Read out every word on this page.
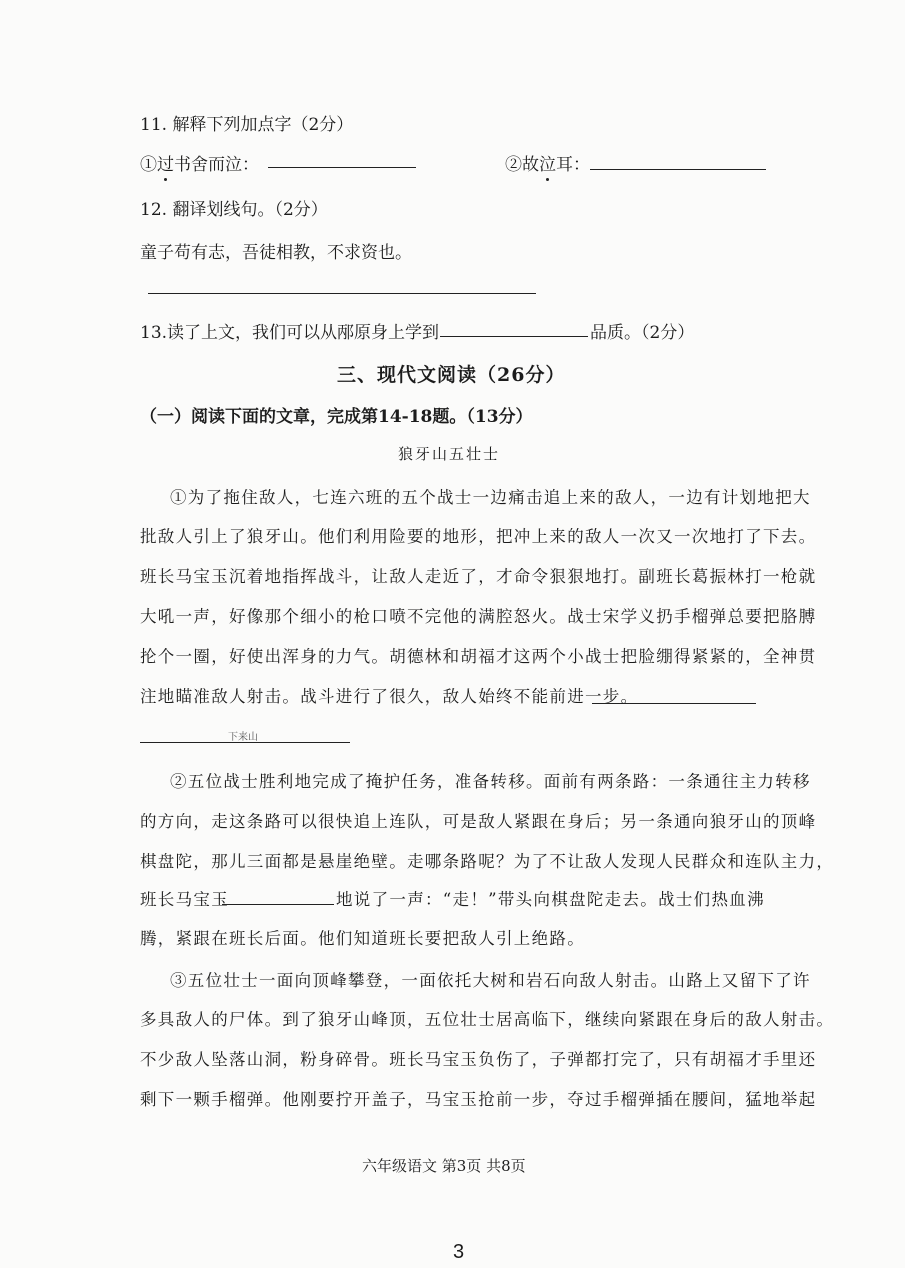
11. 解释下列加点字（2分）
①过书舍而泣：	②故泣耳：
12. 翻译划线句。（2分）
童子苟有志，吾徒相教，不求资也。
13.读了上文，我们可以从邴原身上学到	品质。（2分）
三、现代文阅读（26分）
（一）阅读下面的文章，完成第14-18题。（13分）
狼牙山五壮士
①为了拖住敌人，七连六班的五个战士一边痛击追上来的敌人，一边有计划地把大
批敌人引上了狼牙山。他们利用险要的地形，把冲上来的敌人一次又一次地打了下去。
班长马宝玉沉着地指挥战斗，让敌人走近了，才命令狠狠地打。副班长葛振林打一枪就
大吼一声，好像那个细小的枪口喷不完他的满腔怒火。战士宋学义扔手榴弹总要把胳膊
抡个一圈，好使出浑身的力气。胡德林和胡福才这两个小战士把脸绷得紧紧的，全神贯
注地瞄准敌人射击。战斗进行了很久，敌人始终不能前进一步。
下来山
②五位战士胜利地完成了掩护任务，准备转移。面前有两条路：一条通往主力转移
的方向，走这条路可以很快追上连队，可是敌人紧跟在身后；另一条通向狼牙山的顶峰
棋盘陀，那儿三面都是悬崖绝壁。走哪条路呢？为了不让敌人发现人民群众和连队主力，
班长马宝玉	地说了一声：“走！”带头向棋盘陀走去。战士们热血沸
腾，紧跟在班长后面。他们知道班长要把敌人引上绝路。
③五位壮士一面向顶峰攀登，一面依托大树和岩石向敌人射击。山路上又留下了许
多具敌人的尸体。到了狼牙山峰顶，五位壮士居高临下，继续向紧跟在身后的敌人射击。
不少敌人坠落山洞，粉身碎骨。班长马宝玉负伤了，子弹都打完了，只有胡福才手里还
剩下一颗手榴弹。他刚要拧开盖子，马宝玉抢前一步，夺过手榴弹插在腰间，猛地举起
六年级语文 第3页 共8页
3
